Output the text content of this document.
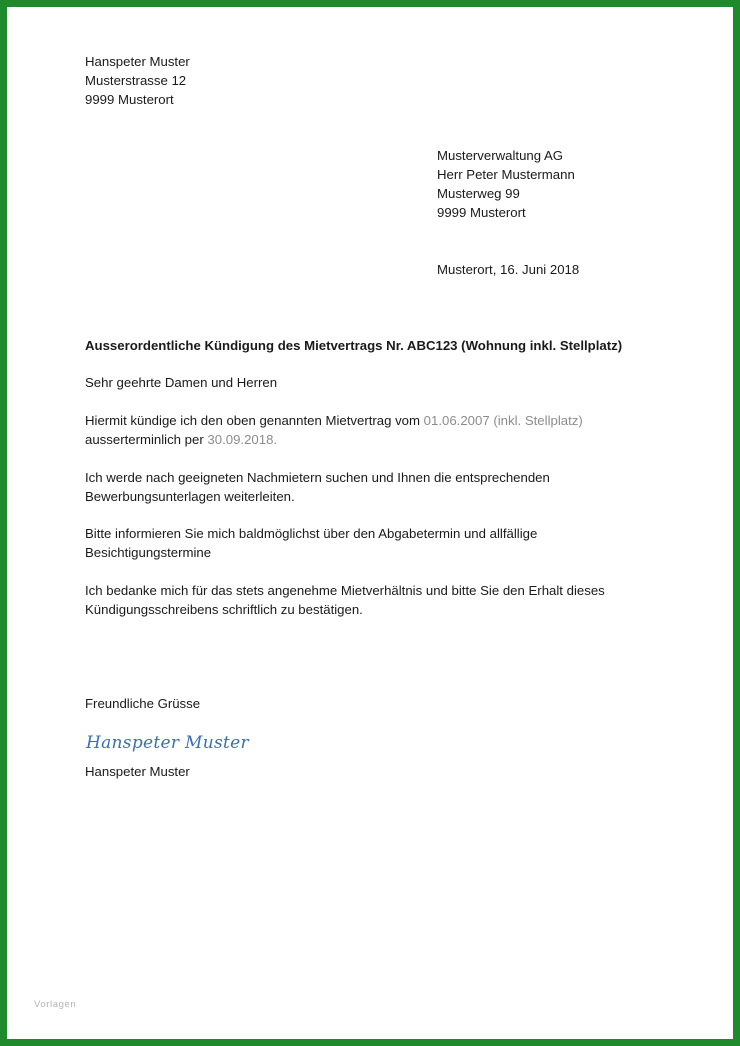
Hanspeter Muster
Musterstrasse 12
9999 Musterort
Musterverwaltung AG
Herr Peter Mustermann
Musterweg 99
9999 Musterort
Musterort, 16. Juni 2018
Ausserordentliche Kündigung des Mietvertrags Nr. ABC123 (Wohnung inkl. Stellplatz)
Sehr geehrte Damen und Herren
Hiermit kündige ich den oben genannten Mietvertrag vom 01.06.2007 (inkl. Stellplatz)
ausserterminlich per 30.09.2018.
Ich werde nach geeigneten Nachmietern suchen und Ihnen die entsprechenden
Bewerbungsunterlagen weiterleiten.
Bitte informieren Sie mich baldmöglichst über den Abgabetermin und allfällige
Besichtigungstermine
Ich bedanke mich für das stets angenehme Mietverhältnis und bitte Sie den Erhalt dieses
Kündigungsschreibens schriftlich zu bestätigen.
Freundliche Grüsse
Hanspeter Muster
Hanspeter Muster
Vorlagen
